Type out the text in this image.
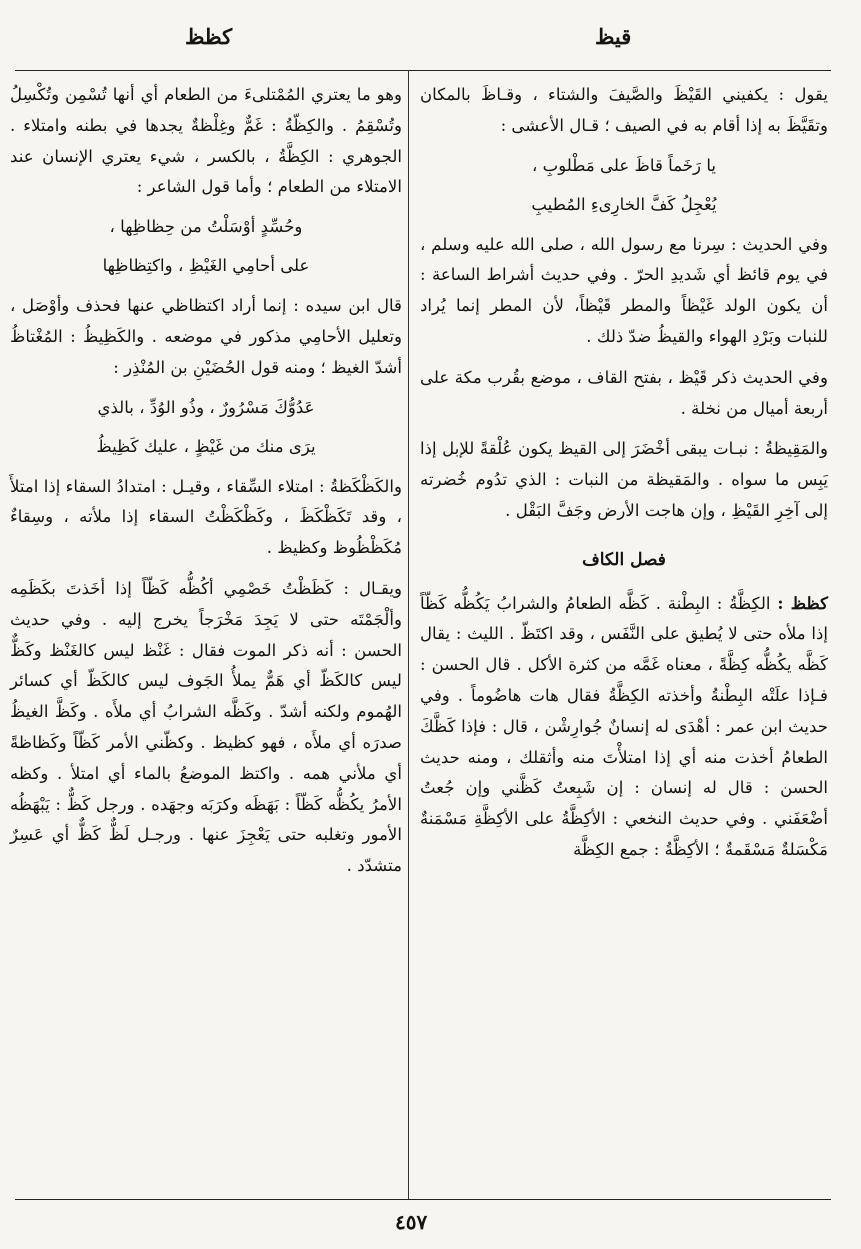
كظظ	قيظ

يقول : يكفيني القَيْظَ والصَّيفَ والشتاء ، وقـاظَ بالمكان وتقَيَّظَ به إذا أقام به في الصيف ؛ قـال الأعشى :

يا رَخَماً قاظَ على مَطْلوبِ ،

يُعْجِلُ كَفَّ الخارِىءِ المُطيبِ

وفي الحديث : سِرنا مع رسول الله ، صلى الله عليه وسلم ، في يوم قائظ أي شَديدِ الحرّ . وفي حديث أشراط الساعة : أن يكون الولد غَيْظاً والمطر قَيْظاً، لأن المطر إنما يُراد للنبات وبَرْدِ الهواء والقيظُ ضدّ ذلك .

وفي الحديث ذكر قَيْظ ، بفتح القاف ، موضع بقُرب مكة على أربعة أميال من نخلة .

والمَقِيظةُ : نبـات يبقى أخْضَرَ إلى القيظ يكون عُلْقةً للإبل إذا يَبِس ما سواه . والمَقيظة من النبات : الذي تدُوم خُضرته إلى آخِرِ القَيْظِ ، وإن هاجت الأرض وجَفَّ البَقْل .

فصل الكاف

كظظ : الكِظَّةُ : البِطْنة . كَظَّه الطعامُ والشرابُ يَكُظُّه كَظّاً إذا ملأه حتى لا يُطيق على النَّفَس ، وقد اكتَظّ . الليث : يقال كَظَّه يكُظُّه كِظَّةً ، معناه غَمَّه من كثرة الأكل . قال الحسن : فـإذا علَتْه البِطْنةُ وأخذته الكِظَّةُ فقال هات هاضُوماً . وفي حديث ابن عمر : أهْدَى له إنسانٌ جُوارِشْن ، قال : فإذا كَظَّكَ الطعامُ أخذت منه أي إذا امتلأْتَ منه وأثقلك ، ومنه حديث الحسن : قال له إنسان : إن شَبِعتُ كَظَّني وإن جُعتُ أضْعَفَني . وفي حديث النخعي : الأكِظَّةُ على الأكِظَّةِ مَسْمَنةٌ مَكْسَلةٌ مَسْقَمةٌ ؛ الأكِظَّةُ : جمع الكِظَّة

وهو ما يعتري المُمْتلىءَ من الطعام أي أنها تُسْمِن وتُكْسِلُ وتُسْقِمُ . والكِظّةُ : غَمٌّ وغِلْظةٌ يجدها في بطنه وامتلاء . الجوهري : الكِظَّةُ ، بالكسر ، شيء يعتري الإنسان عند الامتلاء من الطعام ؛ وأما قول الشاعر :

وحُسِّدٍ أوْسَلْتُ من حِظاظِها ،

على أحامِي الغَيْظِ ، واكتِظاظِها

قال ابن سيده : إنما أراد اكتظاظي عنها فحذف وأوْصَل ، وتعليل الأحامِي مذكور في موضعه . والكَظِيظُ : المُغْتاظُ أشدّ الغيظ ؛ ومنه قول الحُضَيْنِ بن المُنْذِر :

عَدُوُّكَ مَسْرُورٌ ، وذُو الوُدِّ ، بالذي

يرَى منك من غَيْظٍ ، عليك كَظِيظُ

والكَظْكَظةُ : امتلاء السِّقاء ، وقيـل : امتدادُ السقاء إذا امتلأَ ، وقد تَكَظْكَظَ ، وكَظْكَظْتُ السقاء إذا ملأته ، وسِقاءٌ مُكَظْظُوظ وكظيظ .

ويقـال : كَظَظْتُ خَصْمِي أكُظُّه كَظّاً إذا أخَذتَ بكَظَمِه وألْجَمْتَه حتى لا يَجِدَ مَخْرَجاً يخرج إليه . وفي حديث الحسن : أنه ذكر الموت فقال : غَنْظ ليس كالغَنْظ وكَظٌّ ليس كالكَظّ أي هَمٌّ يملأُ الجَوف ليس كالكَظّ أي كسائر الهُموم ولكنه أشدّ . وكَظَّه الشرابُ أي ملأَه . وكَظَّ الغيظُ صدرَه أي ملأَه ، فهو كظيظ . وكظّني الأمر كَظّاً وكَظاظةً أي ملأني همه . واكتظ الموضعُ بالماء أي امتلأ . وكظه الأمرُ يكُظُّه كَظّاً : بَهَظَه وكرَبَه وجهَده . ورجل كَظٌّ : يَبْهَظُه الأمور وتغلبه حتى يَعْجِزَ عنها . ورجـل لَظٌّ كَظٌّ أي عَسِرٌ متشدّد .

٤٥٧
